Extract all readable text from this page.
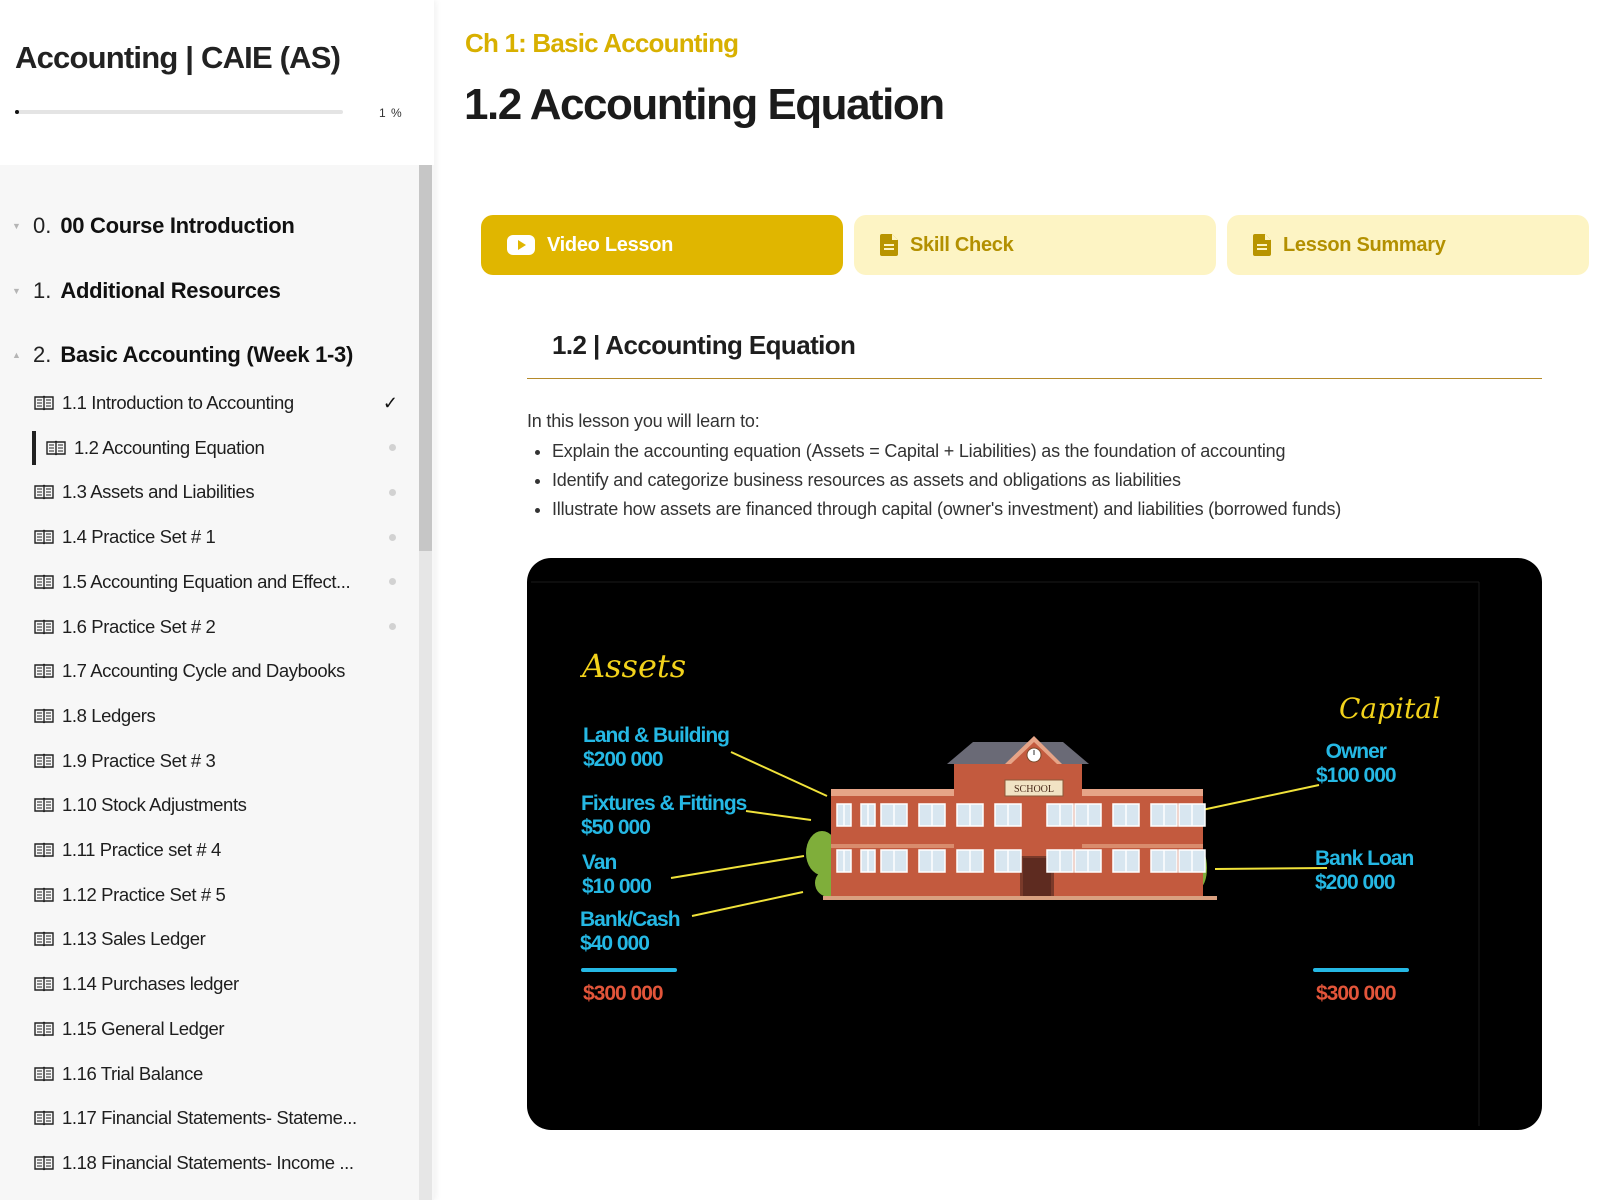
Accounting | CAIE (AS)
1 %
▼ 0. 00 Course Introduction
▼ 1. Additional Resources
▲ 2. Basic Accounting (Week 1-3)
1.1 Introduction to Accounting	✓
1.2 Accounting Equation
1.3 Assets and Liabilities
1.4 Practice Set # 1
1.5 Accounting Equation and Effect...
1.6 Practice Set # 2
1.7 Accounting Cycle and Daybooks
1.8 Ledgers
1.9 Practice Set # 3
1.10 Stock Adjustments
1.11 Practice set # 4
1.12 Practice Set # 5
1.13 Sales Ledger
1.14 Purchases ledger
1.15 General Ledger
1.16 Trial Balance
1.17 Financial Statements- Stateme...
1.18 Financial Statements- Income ...
Ch 1: Basic Accounting
1.2 Accounting Equation
Video Lesson	Skill Check	Lesson Summary
1.2 | Accounting Equation
In this lesson you will learn to:
• Explain the accounting equation (Assets = Capital + Liabilities) as the foundation of accounting
• Identify and categorize business resources as assets and obligations as liabilities
• Illustrate how assets are financed through capital (owner's investment) and liabilities (borrowed funds)
SCHOOL
Assets
Capital
Land & Building
$200 000
Fixtures & Fittings
$50 000
Van
$10 000
Bank/Cash
$40 000
$300 000
Owner
$100 000
Bank Loan
$200 000
$300 000
